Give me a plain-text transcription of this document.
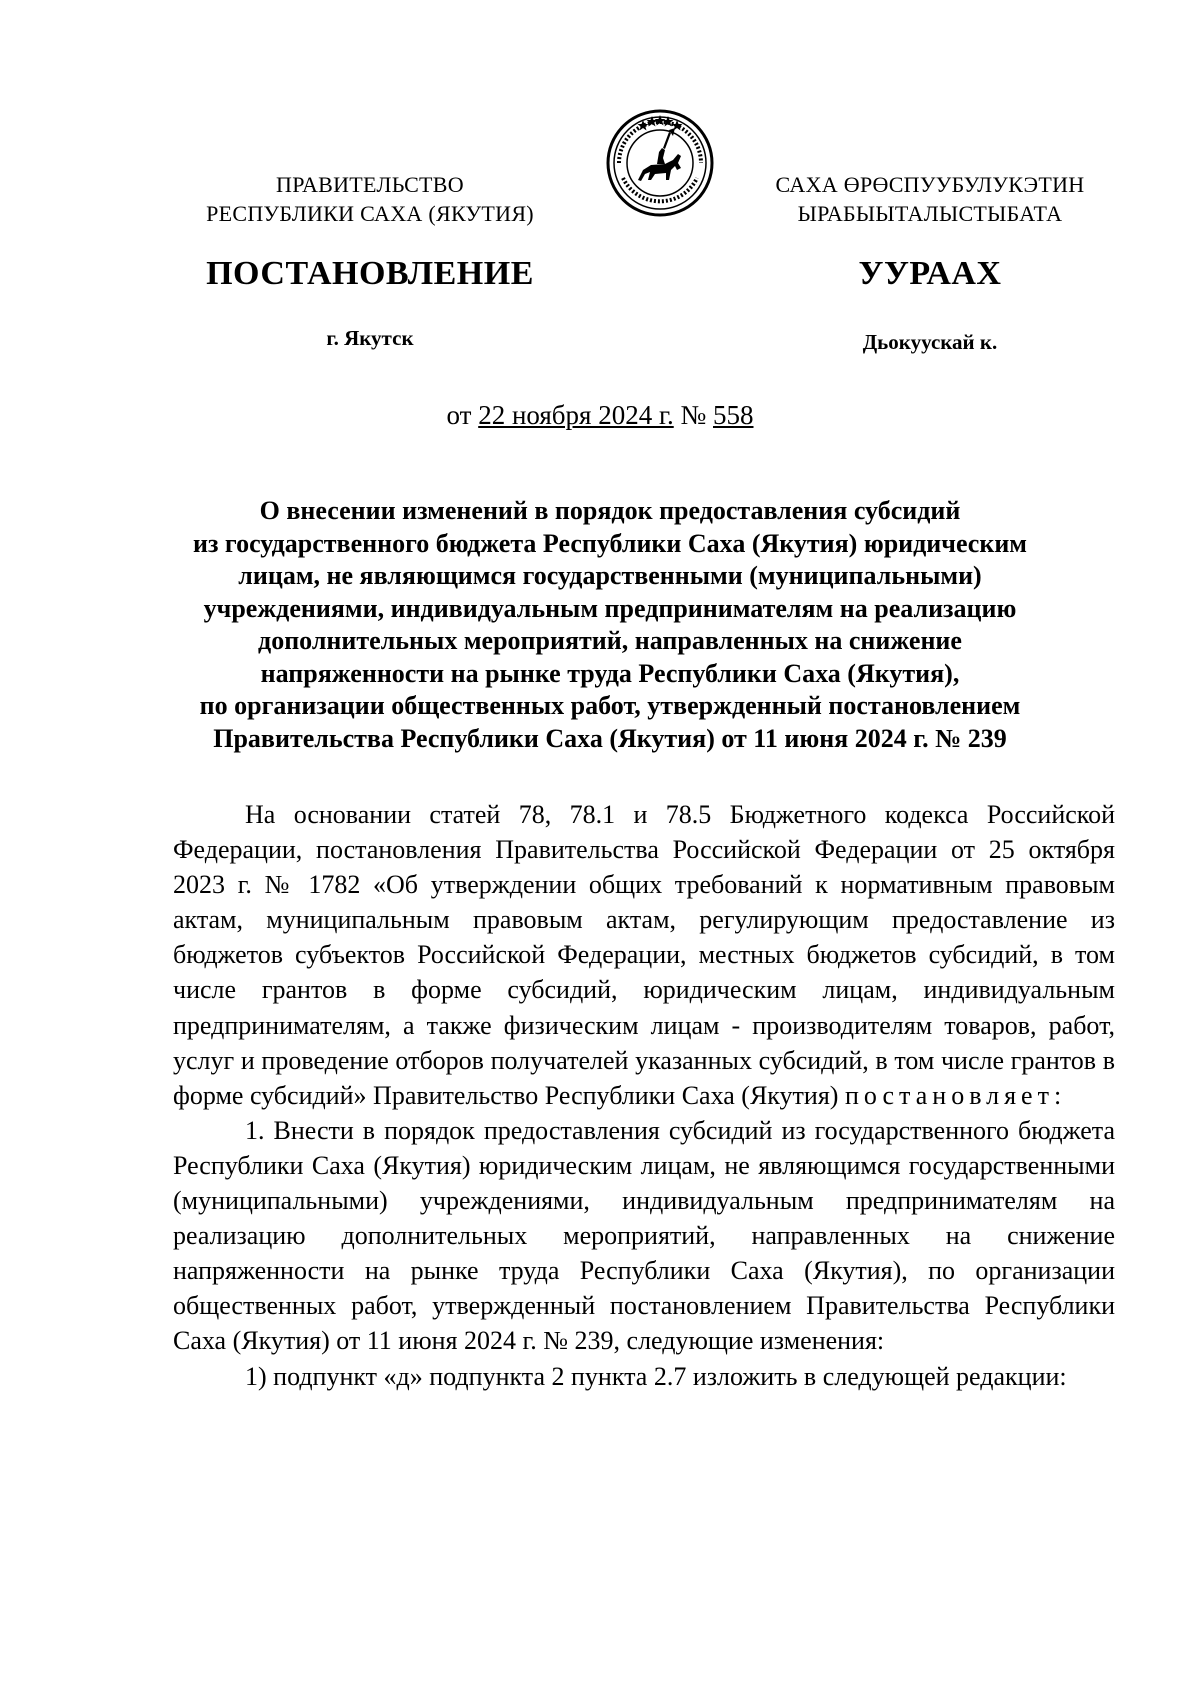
ПРАВИТЕЛЬСТВО
РЕСПУБЛИКИ САХА (ЯКУТИЯ)
САХА ӨРӨСПУУБУЛУКЭТИН
ЫРАБЫЫТАЛЫСТЫБАТА
ПОСТАНОВЛЕНИЕ	УУРААХ
г. Якутск	Дьокуускай к.
от 22 ноября 2024 г. № 558
О внесении изменений в порядок предоставления субсидий
из государственного бюджета Республики Саха (Якутия) юридическим
лицам, не являющимся государственными (муниципальными)
учреждениями, индивидуальным предпринимателям на реализацию
дополнительных мероприятий, направленных на снижение
напряженности на рынке труда Республики Саха (Якутия),
по организации общественных работ, утвержденный постановлением
Правительства Республики Саха (Якутия) от 11 июня 2024 г. № 239

На основании статей 78, 78.1 и 78.5 Бюджетного кодекса Российской Федерации, постановления Правительства Российской Федерации от 25 октября 2023 г. № 1782 «Об утверждении общих требований к нормативным правовым актам, муниципальным правовым актам, регулирующим предоставление из бюджетов субъектов Российской Федерации, местных бюджетов субсидий, в том числе грантов в форме субсидий, юридическим лицам, индивидуальным предпринимателям, а также физическим лицам - производителям товаров, работ, услуг и проведение отборов получателей указанных субсидий, в том числе грантов в форме субсидий» Правительство Республики Саха (Якутия) постановляет:

1. Внести в порядок предоставления субсидий из государственного бюджета Республики Саха (Якутия) юридическим лицам, не являющимся государственными (муниципальными) учреждениями, индивидуальным предпринимателям на реализацию дополнительных мероприятий, направленных на снижение напряженности на рынке труда Республики Саха (Якутия), по организации общественных работ, утвержденный постановлением Правительства Республики Саха (Якутия) от 11 июня 2024 г. № 239, следующие изменения:

1) подпункт «д» подпункта 2 пункта 2.7 изложить в следующей редакции:
